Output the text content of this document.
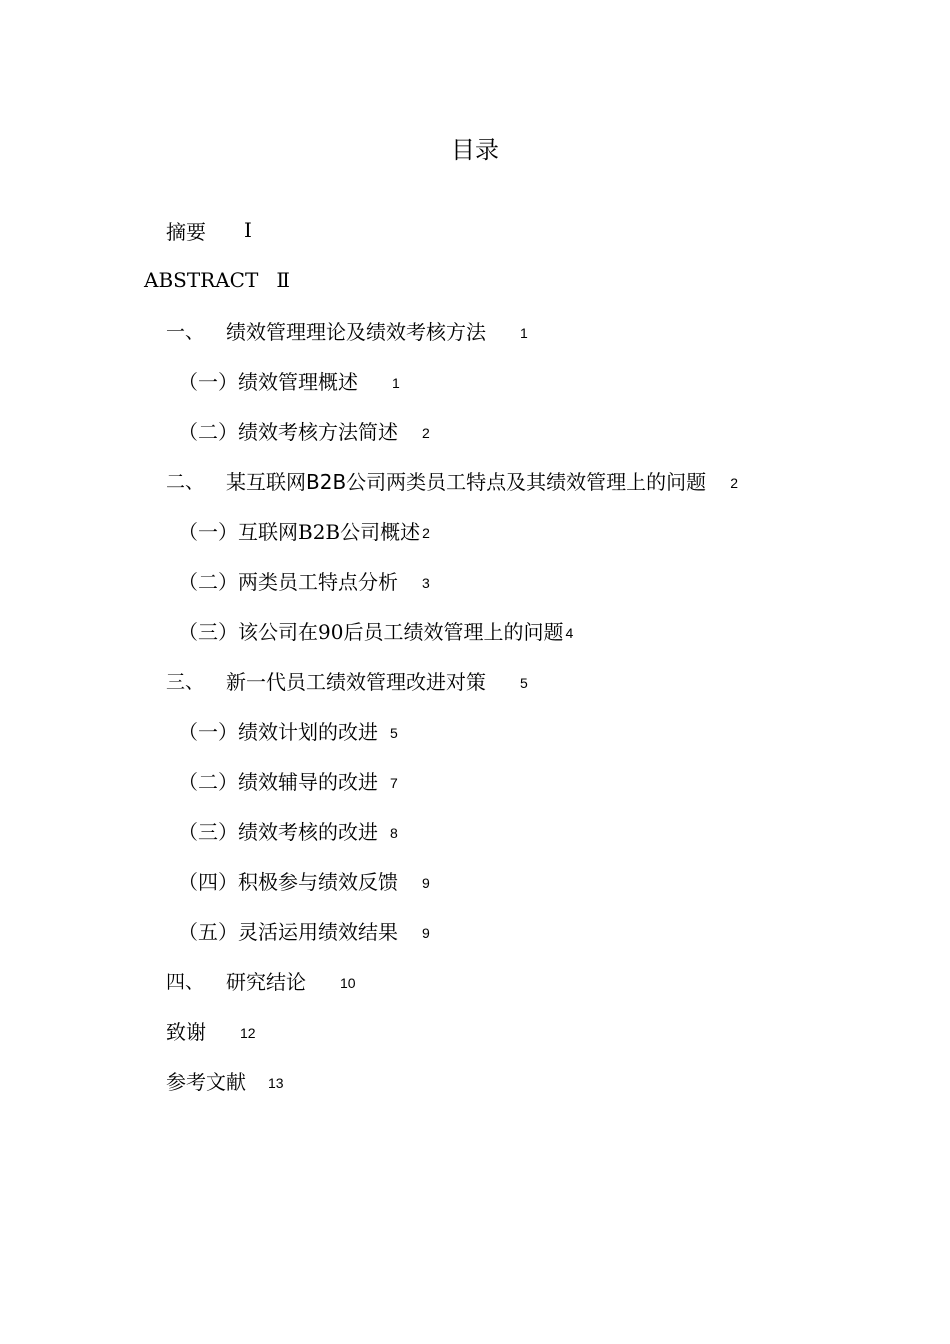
目录
摘要 Ⅰ
ABSTRACT Ⅱ
一、 绩效管理理论及绩效考核方法 1
（一）绩效管理概述 1
（二）绩效考核方法简述 2
二、 某互联网B2B公司两类员工特点及其绩效管理上的问题 2
（一）互联网B2B公司概述 2
（二）两类员工特点分析 3
（三）该公司在90后员工绩效管理上的问题 4
三、 新一代员工绩效管理改进对策 5
（一）绩效计划的改进 5
（二）绩效辅导的改进 7
（三）绩效考核的改进 8
（四）积极参与绩效反馈 9
（五）灵活运用绩效结果 9
四、 研究结论 10
致谢 12
参考文献 13
